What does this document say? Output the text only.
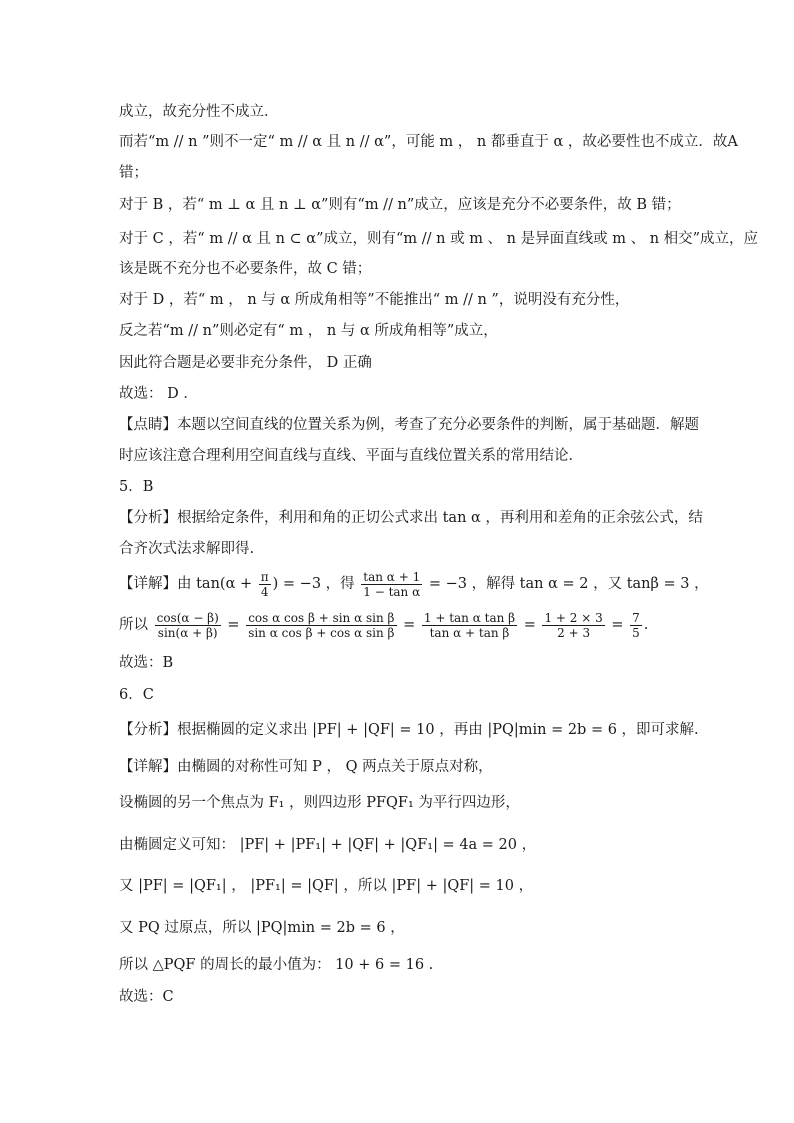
成立，故充分性不成立．
而若“m // n ”则不一定“ m // α 且 n // α”，可能 m ， n 都垂直于 α ，故必要性也不成立．故A
错；
对于 B ，若“ m ⊥ α 且 n ⊥ α”则有“m // n”成立，应该是充分不必要条件，故 B 错；
对于 C ，若“ m // α 且 n ⊂ α”成立，则有“m // n 或 m 、 n 是异面直线或 m 、 n 相交”成立，应
该是既不充分也不必要条件，故 C 错；
对于 D ，若“ m ， n 与 α 所成角相等”不能推出“ m // n ”，说明没有充分性，
反之若“m // n”则必定有“ m ， n 与 α 所成角相等”成立，
因此符合题是必要非充分条件， D 正确
故选： D ．
【点睛】本题以空间直线的位置关系为例，考查了充分必要条件的判断，属于基础题．解题
时应该注意合理利用空间直线与直线、平面与直线位置关系的常用结论．
5．B
【分析】根据给定条件，利用和角的正切公式求出 tan α ，再利用和差角的正余弦公式，结
合齐次式法求解即得.
【详解】由 $\tan(\alpha + \frac{\pi}{4}$ ) = −3 ，得 $\frac{\text{tan α + 1}}{\text{1 − tan α}} = -3$ ，解得 tan α = 2 ，又 tanβ = 3 ，
所以 $\frac{\cos(\alpha - \beta)}{\sin(\alpha + \beta)} = \frac{\text{cos α cos β + sin α sin β}}{\text{sin α cos β + cos α sin β}} = \frac{\text{1 + tan α tan β}}{\text{tan α + tan β}} = \frac{1 + 2 \times 3}{2 + 3} = \frac{7}{5}$ .
故选：B
6．C
【分析】根据椭圆的定义求出 |PF| + |QF| = 10 ，再由 |PQ|min = 2b = 6 ，即可求解.
【详解】由椭圆的对称性可知 P ， Q 两点关于原点对称，
设椭圆的另一个焦点为 F₁ ，则四边形 PFQF₁ 为平行四边形，
由椭圆定义可知： |PF| + |PF₁| + |QF| + |QF₁| = 4a = 20 ，
又 |PF| = |QF₁| ， |PF₁| = |QF| ，所以 |PF| + |QF| = 10 ，
又 PQ 过原点，所以 |PQ|min = 2b = 6 ，
所以 △PQF 的周长的最小值为： 10 + 6 = 16 .
故选：C
